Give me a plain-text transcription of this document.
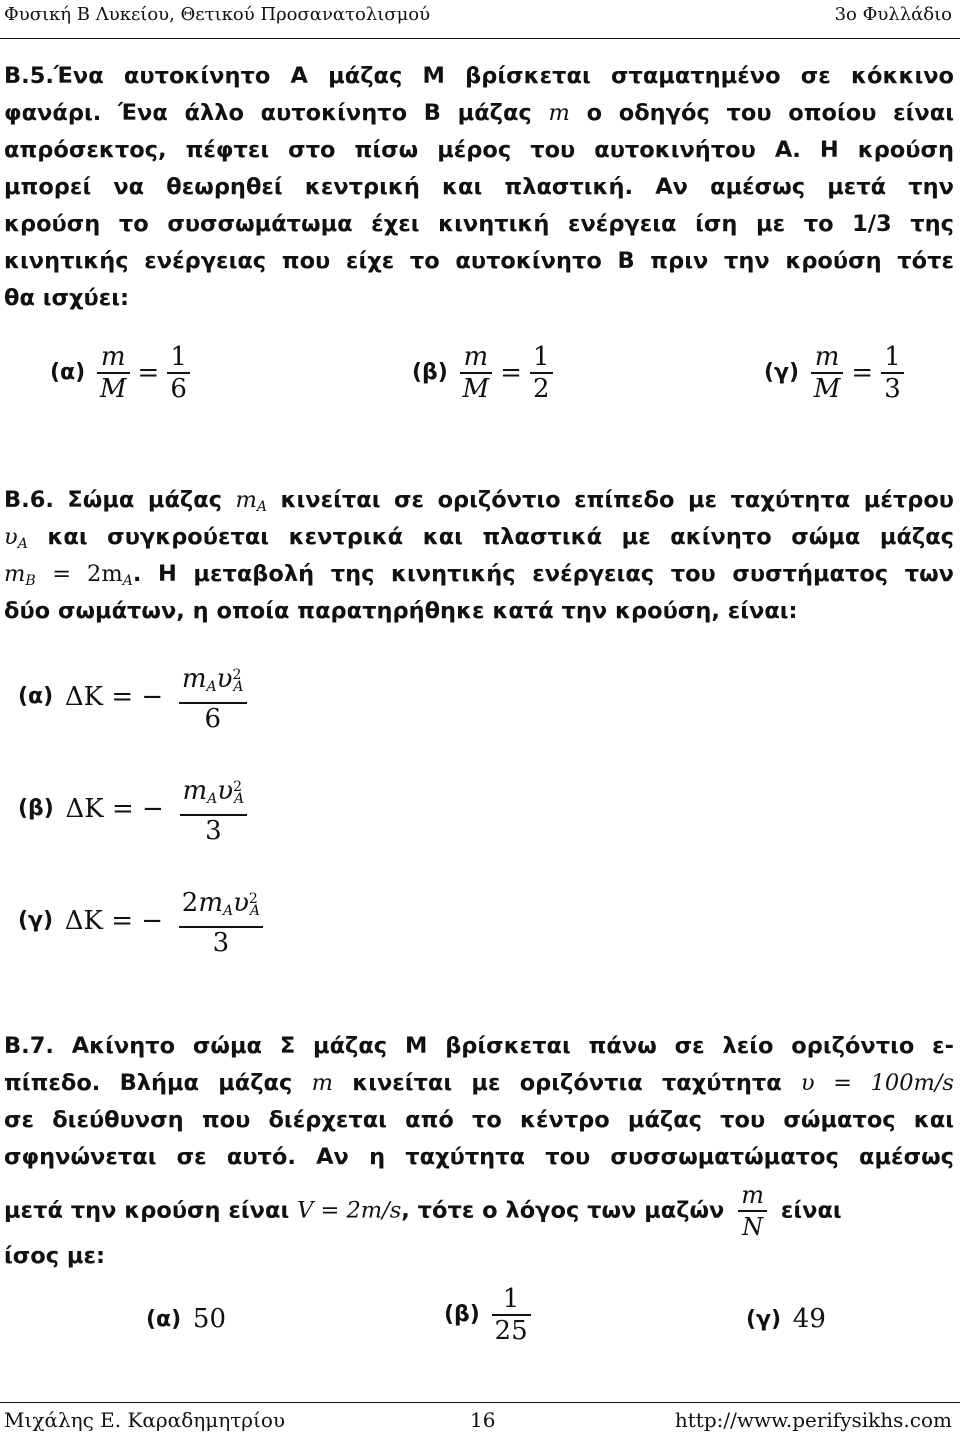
Φυσική Β Λυκείου, Θετικού Προσανατολισμού	3ο Φυλλάδιο
Β.5.Ένα αυτοκίνητο Α μάζας Μ βρίσκεται σταματημένο σε κόκκινο
φανάρι. Ένα άλλο αυτοκίνητο Β μάζας m ο οδηγός του οποίου είναι
απρόσεκτος, πέφτει στο πίσω μέρος του αυτοκινήτου Α. Η κρούση
μπορεί να θεωρηθεί κεντρική και πλαστική. Αν αμέσως μετά την
κρούση το συσσωμάτωμα έχει κινητική ενέργεια ίση με το 1/3 της
κινητικής ενέργειας που είχε το αυτοκίνητο Β πριν την κρούση τότε
θα ισχύει:
$(\alpha) \frac{m}{M} = \frac{1}{6}$	$(\beta) \frac{m}{M} = \frac{1}{2}$	$(\gamma) \frac{m}{M} = \frac{1}{3}$
Β.6. Σώμα μάζας $m_A$ κινείται σε οριζόντιο επίπεδο με ταχύτητα μέτρου
$\upsilon_A$ και συγκρούεται κεντρικά και πλαστικά με ακίνητο σώμα μάζας
$m_B = 2m_A$. Η μεταβολή της κινητικής ενέργειας του συστήματος των
δύο σωμάτων, η οποία παρατηρήθηκε κατά την κρούση, είναι:
(α) ΔK = − $\frac{m_A\upsilon^2_A}{6}$
(β) ΔK = − $\frac{m_A\upsilon^2_A}{3}$
(γ) ΔK = − $\frac{2m_A\upsilon^2_A}{3}$
Β.7. Ακίνητο σώμα Σ μάζας Μ βρίσκεται πάνω σε λείο οριζόντιο ε-
πίπεδο. Βλήμα μάζας m κινείται με οριζόντια ταχύτητα υ = 100m/s
σε διεύθυνση που διέρχεται από το κέντρο μάζας του σώματος και
σφηνώνεται σε αυτό. Αν η ταχύτητα του συσσωματώματος αμέσως
μετά την κρούση είναι V = 2m/s, τότε ο λόγος των μαζών $\frac{m}{N}$ είναι
ίσος με:
(α) 50	$(\beta) \frac{1}{25}$	(γ) 49
Μιχάλης Ε. Καραδημητρίου	16	http://www.perifysikhs.com
